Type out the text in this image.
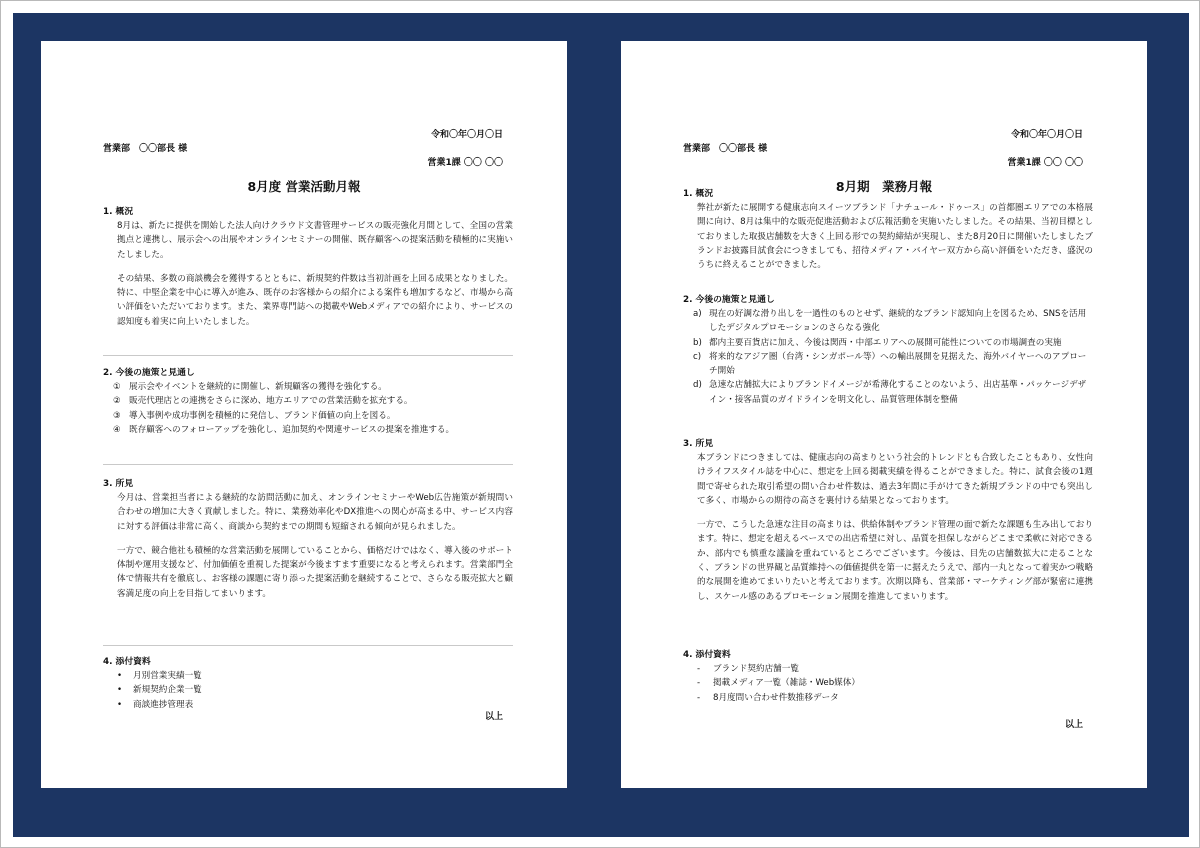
令和〇年〇月〇日
営業部　〇〇部長 様
営業1課 〇〇 〇〇
8月度 営業活動月報
1. 概況

8月は、新たに提供を開始した法人向けクラウド文書管理サービスの販売強化月間として、全国の営業拠点と連携し、展示会への出展やオンラインセミナーの開催、既存顧客への提案活動を積極的に実施いたしました。

その結果、多数の商談機会を獲得するとともに、新規契約件数は当初計画を上回る成果となりました。特に、中堅企業を中心に導入が進み、既存のお客様からの紹介による案件も増加するなど、市場から高い評価をいただいております。また、業界専門誌への掲載やWebメディアでの紹介により、サービスの認知度も着実に向上いたしました。

2. 今後の施策と見通し
① 展示会やイベントを継続的に開催し、新規顧客の獲得を強化する。
② 販売代理店との連携をさらに深め、地方エリアでの営業活動を拡充する。
③ 導入事例や成功事例を積極的に発信し、ブランド価値の向上を図る。
④ 既存顧客へのフォローアップを強化し、追加契約や関連サービスの提案を推進する。
3. 所見

今月は、営業担当者による継続的な訪問活動に加え、オンラインセミナーやWeb広告施策が新規問い合わせの増加に大きく貢献しました。特に、業務効率化やDX推進への関心が高まる中、サービス内容に対する評価は非常に高く、商談から契約までの期間も短縮される傾向が見られました。

一方で、競合他社も積極的な営業活動を展開していることから、価格だけではなく、導入後のサポート体制や運用支援など、付加価値を重視した提案が今後ますます重要になると考えられます。営業部門全体で情報共有を徹底し、お客様の課題に寄り添った提案活動を継続することで、さらなる販売拡大と顧客満足度の向上を目指してまいります。

4. 添付資料
•	月別営業実績一覧
•	新規契約企業一覧
•	商談進捗管理表
以上
令和〇年〇月〇日
営業部　〇〇部長 様
営業1課 〇〇 〇〇
8月期　業務月報
1. 概況

弊社が新たに展開する健康志向スイーツブランド「ナチュール・ドゥース」の首都圏エリアでの本格展開に向け、8月は集中的な販売促進活動および広報活動を実施いたしました。その結果、当初目標としておりました取扱店舗数を大きく上回る形での契約締結が実現し、また8月20日に開催いたしましたブランドお披露目試食会につきましても、招待メディア・バイヤー双方から高い評価をいただき、盛況のうちに終えることができました。

2. 今後の施策と見通し
a) 現在の好調な滑り出しを一過性のものとせず、継続的なブランド認知向上を図るため、SNSを活用したデジタルプロモーションのさらなる強化
b) 都内主要百貨店に加え、今後は関西・中部エリアへの展開可能性についての市場調査の実施
c) 将来的なアジア圏（台湾・シンガポール等）への輸出展開を見据えた、海外バイヤーへのアプローチ開始
d) 急速な店舗拡大によりブランドイメージが希薄化することのないよう、出店基準・パッケージデザイン・接客品質のガイドラインを明文化し、品質管理体制を整備
3. 所見

本ブランドにつきましては、健康志向の高まりという社会的トレンドとも合致したこともあり、女性向けライフスタイル誌を中心に、想定を上回る掲載実績を得ることができました。特に、試食会後の1週間で寄せられた取引希望の問い合わせ件数は、過去3年間に手がけてきた新規ブランドの中でも突出して多く、市場からの期待の高さを裏付ける結果となっております。

一方で、こうした急速な注目の高まりは、供給体制やブランド管理の面で新たな課題も生み出しております。特に、想定を超えるペースでの出店希望に対し、品質を担保しながらどこまで柔軟に対応できるか、部内でも慎重な議論を重ねているところでございます。今後は、目先の店舗数拡大に走ることなく、ブランドの世界観と品質維持への価値提供を第一に据えたうえで、部内一丸となって着実かつ戦略的な展開を進めてまいりたいと考えております。次期以降も、営業部・マーケティング部が緊密に連携し、スケール感のあるプロモーション展開を推進してまいります。

4. 添付資料
-	ブランド契約店舗一覧
-	掲載メディア一覧（雑誌・Web媒体）
-	8月度問い合わせ件数推移データ
以上
